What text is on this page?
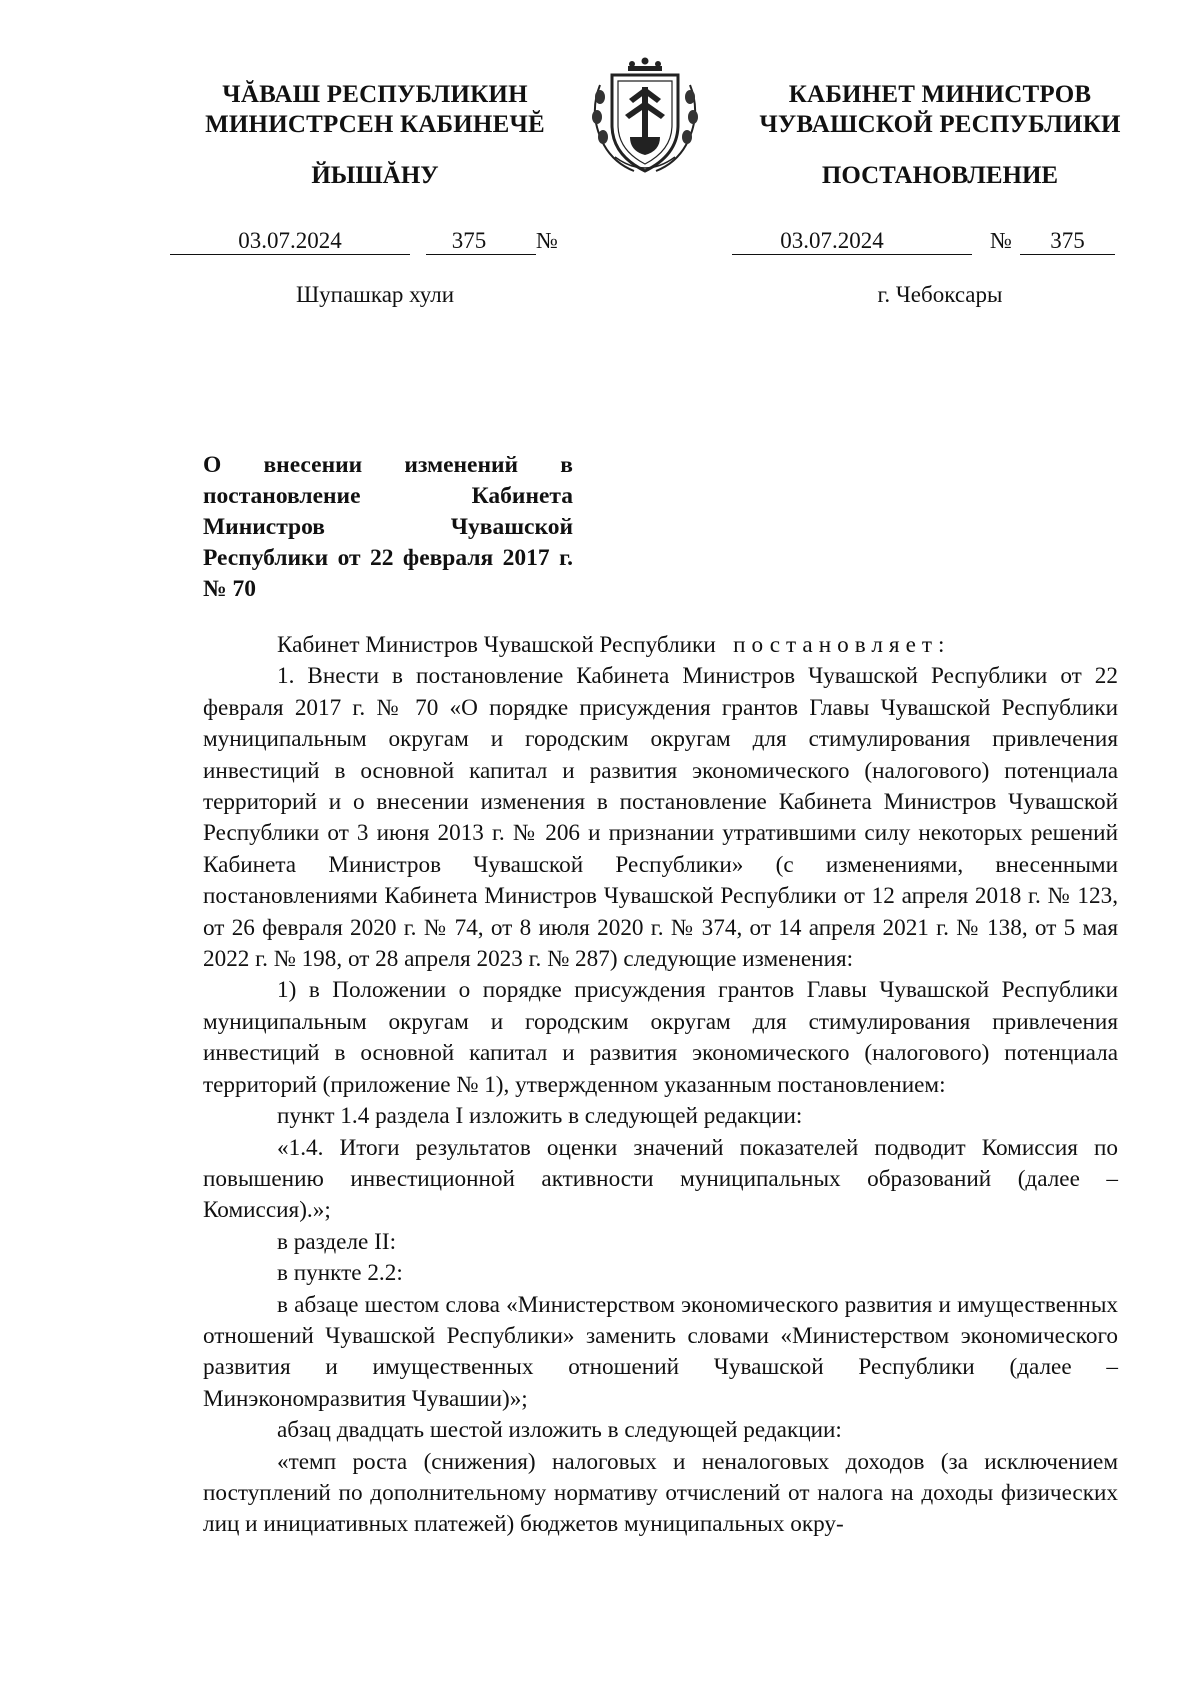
ЧĂВАШ РЕСПУБЛИКИН
МИНИСТРСЕН КАБИНЕЧĔ
ЙЫШĂНУ
КАБИНЕТ МИНИСТРОВ
ЧУВАШСКОЙ РЕСПУБЛИКИ
ПОСТАНОВЛЕНИЕ
03.07.2024	375	№	03.07.2024	№	375
Шупашкар хули	г. Чебоксары
О внесении изменений в постановление Кабинета Министров Чувашской Республики от 22 февраля 2017 г. № 70

Кабинет Министров Чувашской Республики постановляет:

1. Внести в постановление Кабинета Министров Чувашской Республики от 22 февраля 2017 г. № 70 «О порядке присуждения грантов Главы Чувашской Республики муниципальным округам и городским округам для стимулирования привлечения инвестиций в основной капитал и развития экономического (налогового) потенциала территорий и о внесении изменения в постановление Кабинета Министров Чувашской Республики от 3 июня 2013 г. № 206 и признании утратившими силу некоторых решений Кабинета Министров Чувашской Республики» (с изменениями, внесенными постановлениями Кабинета Министров Чувашской Республики от 12 апреля 2018 г. № 123, от 26 февраля 2020 г. № 74, от 8 июля 2020 г. № 374, от 14 апреля 2021 г. № 138, от 5 мая 2022 г. № 198, от 28 апреля 2023 г. № 287) следующие изменения:

1) в Положении о порядке присуждения грантов Главы Чувашской Республики муниципальным округам и городским округам для стимулирования привлечения инвестиций в основной капитал и развития экономического (налогового) потенциала территорий (приложение № 1), утвержденном указанным постановлением:

пункт 1.4 раздела I изложить в следующей редакции:

«1.4. Итоги результатов оценки значений показателей подводит Комиссия по повышению инвестиционной активности муниципальных образований (далее – Комиссия).»;

в разделе II:

в пункте 2.2:

в абзаце шестом слова «Министерством экономического развития и имущественных отношений Чувашской Республики» заменить словами «Министерством экономического развития и имущественных отношений Чувашской Республики (далее – Минэкономразвития Чувашии)»;

абзац двадцать шестой изложить в следующей редакции:

«темп роста (снижения) налоговых и неналоговых доходов (за исключением поступлений по дополнительному нормативу отчислений от налога на доходы физических лиц и инициативных платежей) бюджетов муниципальных окру-
